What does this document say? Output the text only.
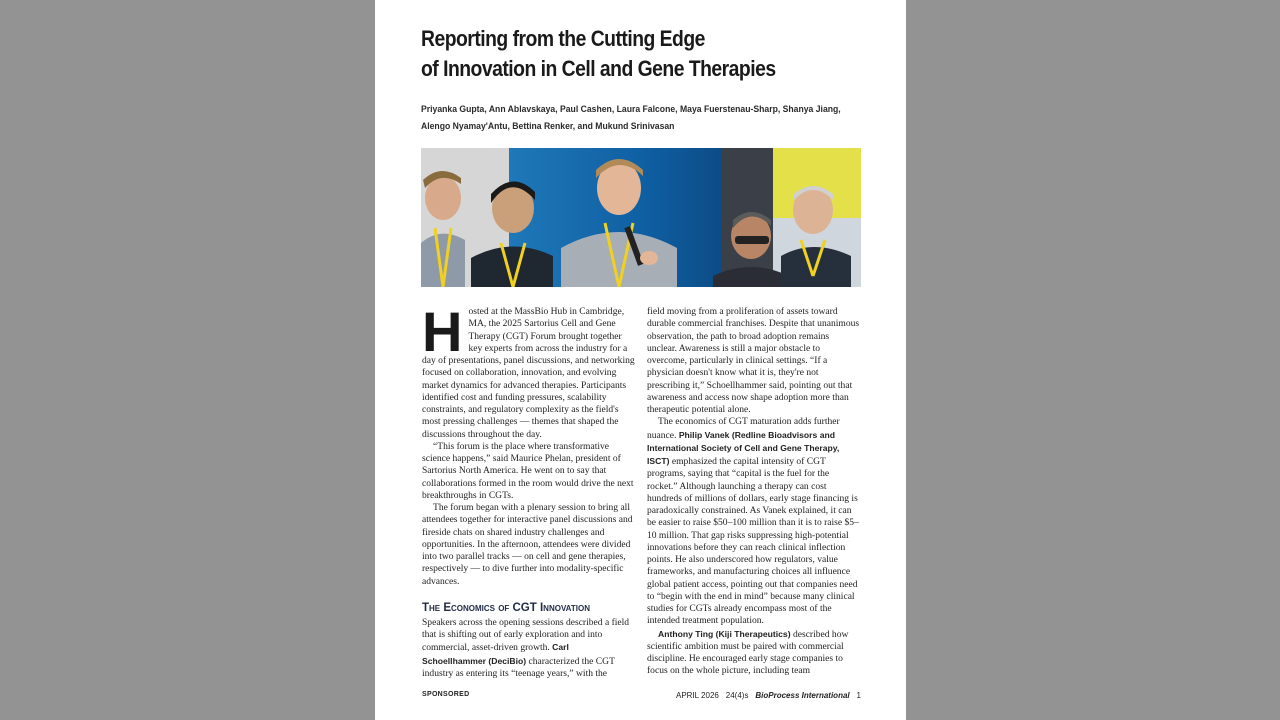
Reporting from the Cutting Edge
of Innovation in Cell and Gene Therapies
Priyanka Gupta, Ann Ablavskaya, Paul Cashen, Laura Falcone, Maya Fuerstenau-Sharp, Shanya Jiang, Alengo Nyamay'Antu, Bettina Renker, and Mukund Srinivasan

Hosted at the MassBio Hub in Cambridge, MA, the 2025 Sartorius Cell and Gene Therapy (CGT) Forum brought together key experts from across the industry for a day of presentations, panel discussions, and networking focused on collaboration, innovation, and evolving market dynamics for advanced therapies. Participants identified cost and funding pressures, scalability constraints, and regulatory complexity as the field's most pressing challenges — themes that shaped the discussions throughout the day.

“This forum is the place where transformative science happens,” said Maurice Phelan, president of Sartorius North America. He went on to say that collaborations formed in the room would drive the next breakthroughs in CGTs.

The forum began with a plenary session to bring all attendees together for interactive panel discussions and fireside chats on shared industry challenges and opportunities. In the afternoon, attendees were divided into two parallel tracks — on cell and gene therapies, respectively — to dive further into modality-specific advances.

The Economics of CGT Innovation

Speakers across the opening sessions described a field that is shifting out of early exploration and into commercial, asset-driven growth. Carl Schoellhammer (DeciBio) characterized the CGT industry as entering its “teenage years,” with the

field moving from a proliferation of assets toward durable commercial franchises. Despite that unanimous observation, the path to broad adoption remains unclear. Awareness is still a major obstacle to overcome, particularly in clinical settings. “If a physician doesn't know what it is, they're not prescribing it,” Schoellhammer said, pointing out that awareness and access now shape adoption more than therapeutic potential alone.

The economics of CGT maturation adds further nuance. Philip Vanek (Redline Bioadvisors and International Society of Cell and Gene Therapy, ISCT) emphasized the capital intensity of CGT programs, saying that “capital is the fuel for the rocket.” Although launching a therapy can cost hundreds of millions of dollars, early stage financing is paradoxically constrained. As Vanek explained, it can be easier to raise $50–100 million than it is to raise $5–10 million. That gap risks suppressing high-potential innovations before they can reach clinical inflection points. He also underscored how regulators, value frameworks, and manufacturing choices all influence global patient access, pointing out that companies need to “begin with the end in mind” because many clinical studies for CGTs already encompass most of the intended treatment population.

Anthony Ting (Kiji Therapeutics) described how scientific ambition must be paired with commercial discipline. He encouraged early stage companies to focus on the whole picture, including team

SPONSORED	APRIL 2026 24(4)s BioProcess International 1
